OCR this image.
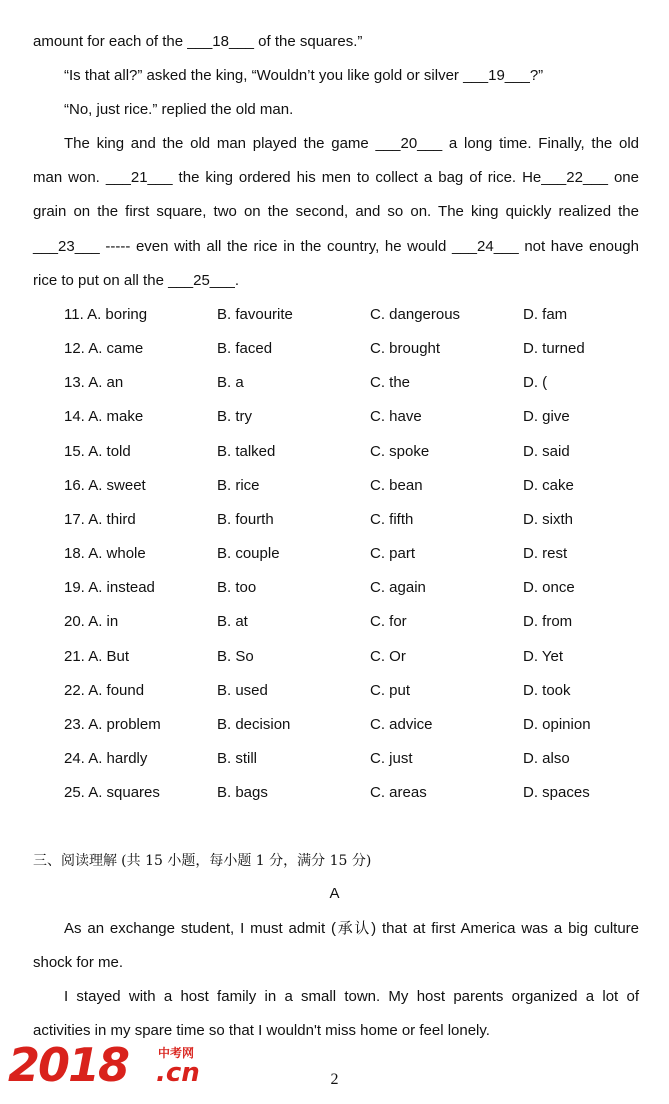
amount for each of the ___18___ of the squares.”
“Is that all?” asked the king, “Wouldn’t you like gold or silver ___19___?”
“No, just rice.” replied the old man.
The king and the old man played the game ___20___ a long time. Finally, the old
man won. ___21___ the king ordered his men to collect a bag of rice. He___22___ one
grain on the first square, two on the second, and so on. The king quickly realized the
___23___ ----- even with all the rice in the country, he would ___24___ not have enough
rice to put on all the ___25___.
11. A. boring	B. favourite	C. dangerous	D. fam
12. A. came	B. faced	C. brought	D. turned
13. A. an	B. a	C. the	D. (
14. A. make	B. try	C. have	D. give
15. A. told	B. talked	C. spoke	D. said
16. A. sweet	B. rice	C. bean	D. cake
17. A. third	B. fourth	C. fifth	D. sixth
18. A. whole	B. couple	C. part	D. rest
19. A. instead	B. too	C. again	D. once
20. A. in	B. at	C. for	D. from
21. A. But	B. So	C. Or	D. Yet
22. A. found	B. used	C. put	D. took
23. A. problem	B. decision	C. advice	D. opinion
24. A. hardly	B. still	C. just	D. also
25. A. squares	B. bags	C. areas	D. spaces
三、阅读理解 (共 15 小题，每小题 1 分，满分 15 分)
A
As an exchange student, I must admit (承认) that at first America was a big culture
shock for me.
I stayed with a host family in a small town. My host parents organized a lot of
activities in my spare time so that I wouldn't miss home or feel lonely.
2018 中考网
.cn	2
